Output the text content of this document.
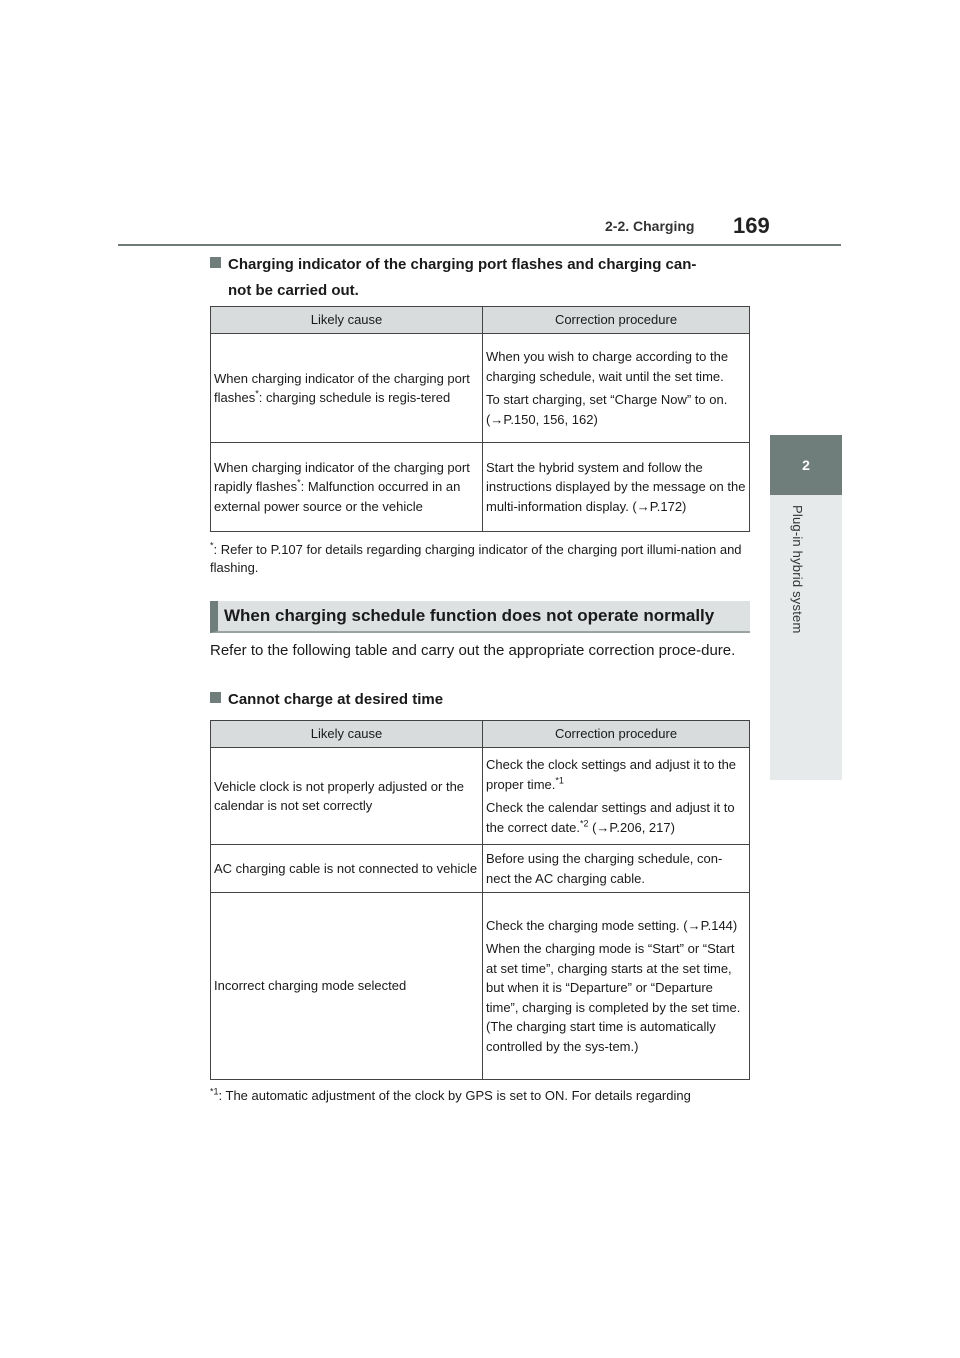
2-2. Charging 169
2
Plug-in hybrid system
Charging indicator of the charging port flashes and charging can-
not be carried out.
Likely cause	Correction procedure
When charging indicator of the charging port flashes*: charging schedule is regis-tered	When you wish to charge according to the charging schedule, wait until the set time.

To start charging, set “Charge Now” to on. (→P.150, 156, 162)

When charging indicator of the charging port rapidly flashes*: Malfunction occurred in an external power source or the vehicle	Start the hybrid system and follow the instructions displayed by the message on the multi-information display. (→P.172)
*: Refer to P.107 for details regarding charging indicator of the charging port illumi-nation and flashing.
When charging schedule function does not operate normally
Refer to the following table and carry out the appropriate correction proce-dure.
Cannot charge at desired time
Likely cause	Correction procedure
Vehicle clock is not properly adjusted or the calendar is not set correctly	Check the clock settings and adjust it to the proper time.$^{*1}$

Check the calendar settings and adjust it to the correct date.$^{*2}$ (→P.206, 217)

AC charging cable is not connected to vehicle	Before using the charging schedule, con-nect the AC charging cable.
Incorrect charging mode selected	Check the charging mode setting. (→P.144)

When the charging mode is “Start” or “Start at set time”, charging starts at the set time, but when it is “Departure” or “Departure time”, charging is completed by the set time. (The charging start time is automatically controlled by the sys-tem.)

$^{*1}$: The automatic adjustment of the clock by GPS is set to ON. For details regarding
